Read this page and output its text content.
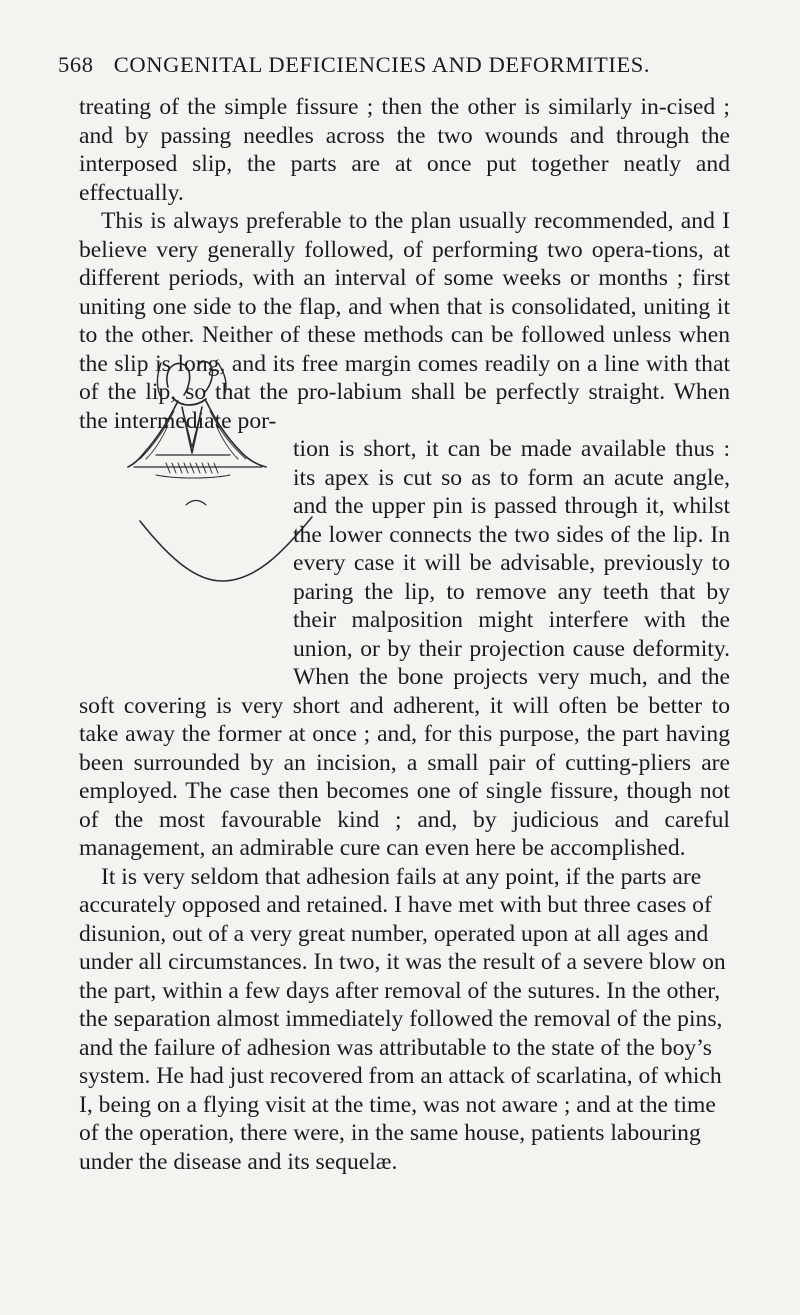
568 CONGENITAL DEFICIENCIES AND DEFORMITIES.

treating of the simple fissure ; then the other is similarly in-cised ; and by passing needles across the two wounds and through the interposed slip, the parts are at once put together neatly and effectually.

This is always preferable to the plan usually recommended, and I believe very generally followed, of performing two opera-tions, at different periods, with an interval of some weeks or months ; first uniting one side to the flap, and when that is consolidated, uniting it to the other. Neither of these methods can be followed unless when the slip is long, and its free margin comes readily on a line with that of the lip, so that the pro-labium shall be perfectly straight. When the intermediate por-

tion is short, it can be made available thus : its apex is cut so as to form an acute angle, and the upper pin is passed through it, whilst the lower connects the two sides of the lip. In every case it will be advisable, previously to paring the lip, to remove any teeth that by their malposition might interfere with the union, or by their projection cause deformity. When the bone projects very much, and the soft covering is very short and adherent, it will often be better to take away the former at once ; and, for this purpose, the part having been surrounded by an incision, a small pair of cutting-pliers are employed. The case then becomes one of single fissure, though not of the most favourable kind ; and, by judicious and careful management, an admirable cure can even here be accomplished.

It is very seldom that adhesion fails at any point, if the parts are accurately opposed and retained. I have met with but three cases of disunion, out of a very great number, operated upon at all ages and under all circumstances. In two, it was the result of a severe blow on the part, within a few days after removal of the sutures. In the other, the separation almost immediately followed the removal of the pins, and the failure of adhesion was attributable to the state of the boy’s system. He had just recovered from an attack of scarlatina, of which I, being on a flying visit at the time, was not aware ; and at the time of the operation, there were, in the same house, patients labouring under the disease and its sequelæ.
